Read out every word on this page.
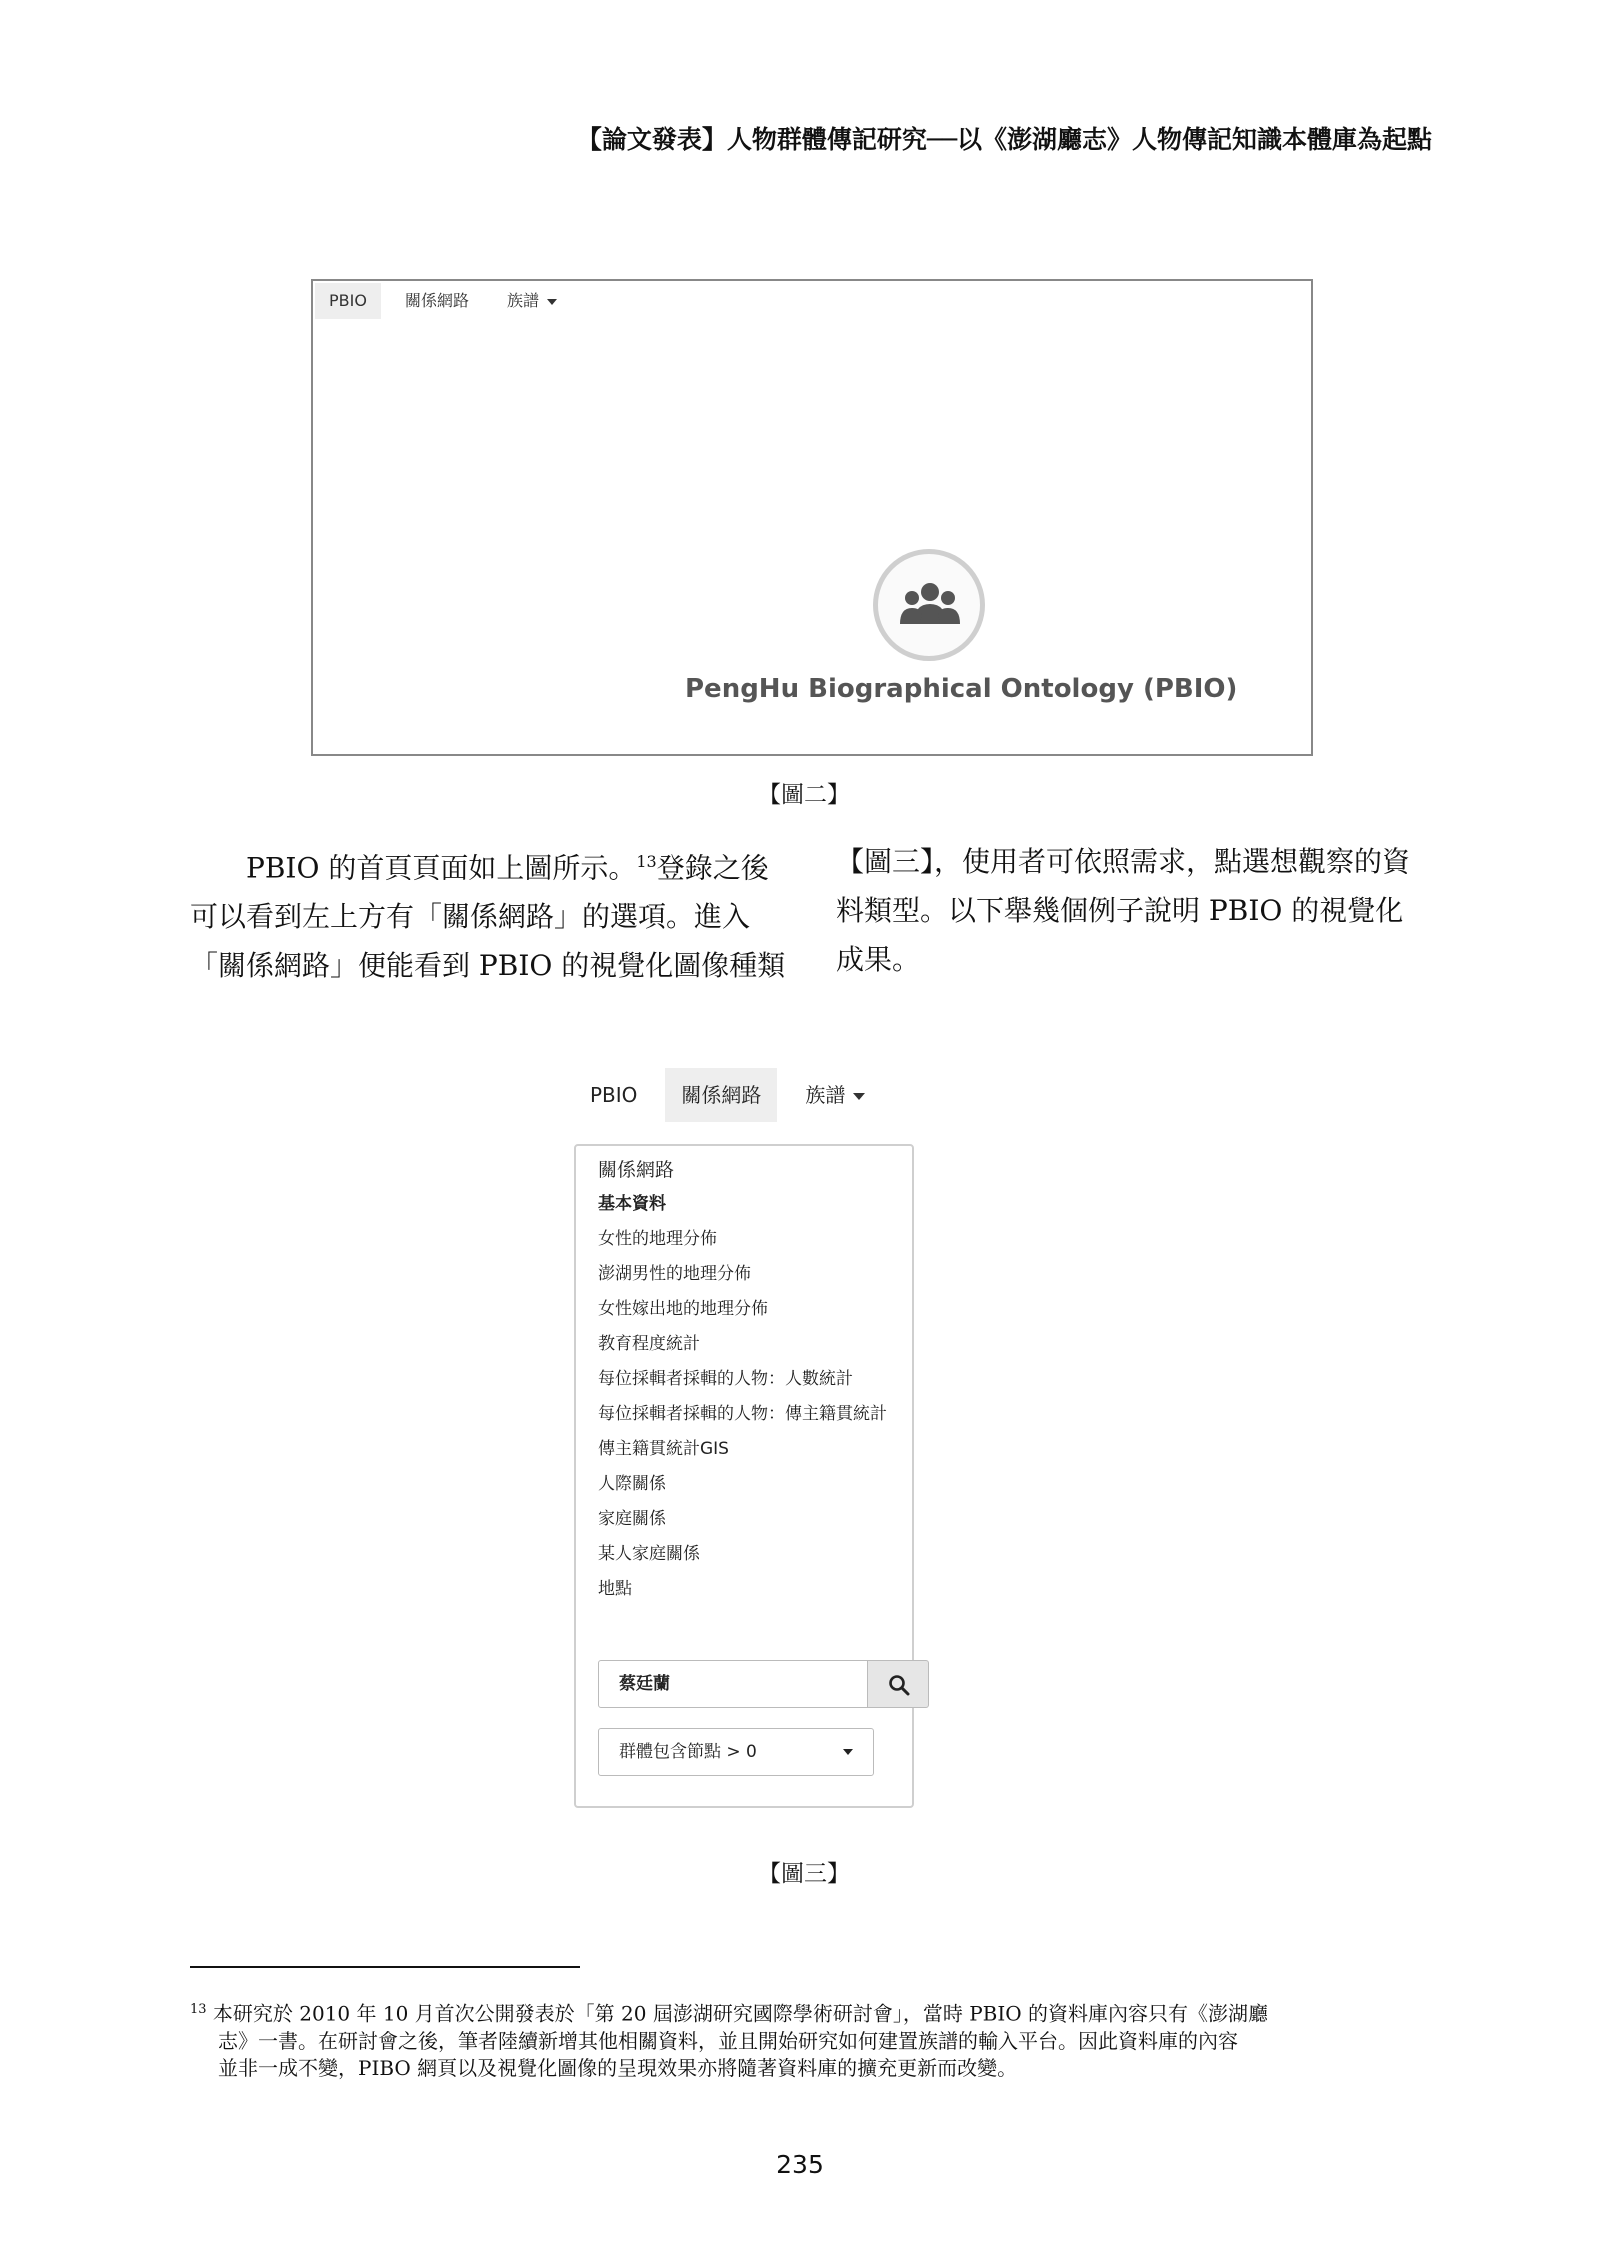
【論文發表】人物群體傳記研究──以《澎湖廳志》人物傳記知識本體庫為起點
PBIO	關係網路	族譜
PengHu Biographical Ontology (PBIO)
【圖二】
PBIO 的首頁頁面如上圖所示。$^{13}$登錄之後
可以看到左上方有「關係網路」的選項。進入
「關係網路」便能看到 PBIO 的視覺化圖像種類
【圖三】，使用者可依照需求，點選想觀察的資
料類型。以下舉幾個例子說明 PBIO 的視覺化
成果。
PBIO	關係網路	族譜
關係網路
基本資料
女性的地理分佈
澎湖男性的地理分佈
女性嫁出地的地理分佈
教育程度統計
每位採輯者採輯的人物：人數統計
每位採輯者採輯的人物：傳主籍貫統計
傳主籍貫統計GIS
人際關係
家庭關係
某人家庭關係
地點
蔡廷蘭
群體包含節點 > 0
【圖三】
$^{13}$ 本研究於 2010 年 10 月首次公開發表於「第 20 屆澎湖研究國際學術研討會」，當時 PBIO 的資料庫內容只有《澎湖廳
志》一書。在研討會之後，筆者陸續新增其他相關資料，並且開始研究如何建置族譜的輸入平台。因此資料庫的內容
並非一成不變，PIBO 網頁以及視覺化圖像的呈現效果亦將隨著資料庫的擴充更新而改變。
235
